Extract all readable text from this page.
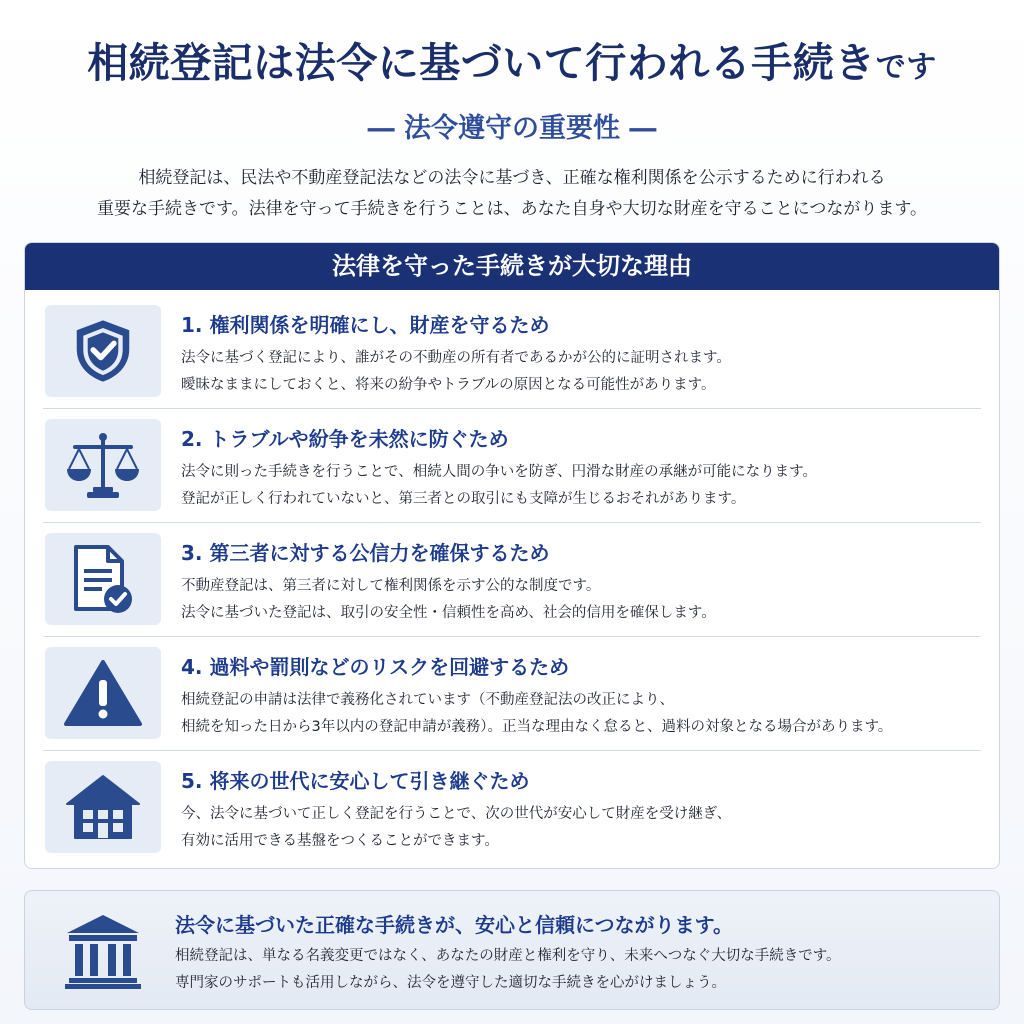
相続登記は法令に基づいて行われる手続きです
― 法令遵守の重要性 ―

相続登記は、民法や不動産登記法などの法令に基づき、正確な権利関係を公示するために行われる

重要な手続きです。法律を守って手続きを行うことは、あなた自身や大切な財産を守ることにつながります。

法律を守った手続きが大切な理由
1. 権利関係を明確にし、財産を守るため

法令に基づく登記により、誰がその不動産の所有者であるかが公的に証明されます。

曖昧なままにしておくと、将来の紛争やトラブルの原因となる可能性があります。

2. トラブルや紛争を未然に防ぐため

法令に則った手続きを行うことで、相続人間の争いを防ぎ、円滑な財産の承継が可能になります。

登記が正しく行われていないと、第三者との取引にも支障が生じるおそれがあります。

3. 第三者に対する公信力を確保するため

不動産登記は、第三者に対して権利関係を示す公的な制度です。

法令に基づいた登記は、取引の安全性・信頼性を高め、社会的信用を確保します。

4. 過料や罰則などのリスクを回避するため

相続登記の申請は法律で義務化されています（不動産登記法の改正により、

相続を知った日から3年以内の登記申請が義務）。正当な理由なく怠ると、過料の対象となる場合があります。

5. 将来の世代に安心して引き継ぐため

今、法令に基づいて正しく登記を行うことで、次の世代が安心して財産を受け継ぎ、

有効に活用できる基盤をつくることができます。

法令に基づいた正確な手続きが、安心と信頼につながります。

相続登記は、単なる名義変更ではなく、あなたの財産と権利を守り、未来へつなぐ大切な手続きです。

専門家のサポートも活用しながら、法令を遵守した適切な手続きを心がけましょう。
